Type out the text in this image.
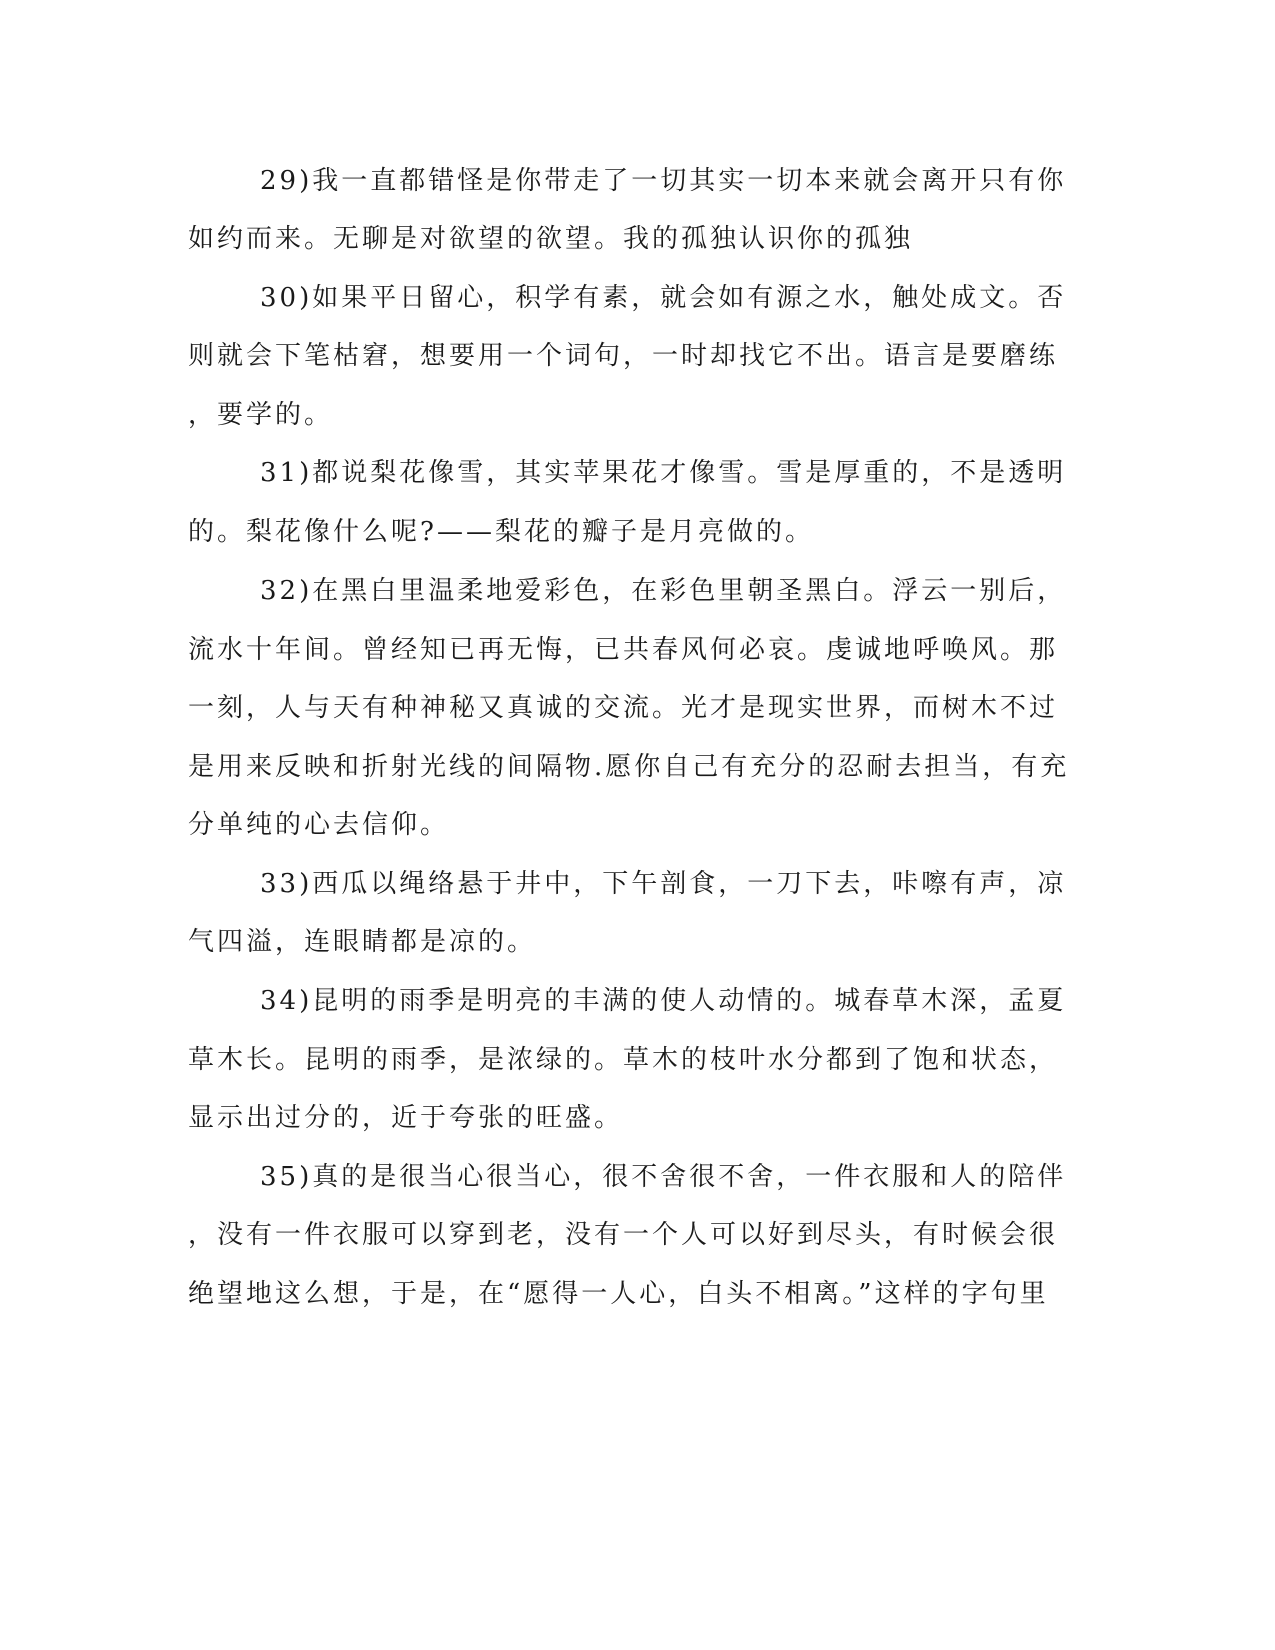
29)我一直都错怪是你带走了一切其实一切本来就会离开只有你
如约而来。无聊是对欲望的欲望。我的孤独认识你的孤独
30)如果平日留心，积学有素，就会如有源之水，触处成文。否
则就会下笔枯窘，想要用一个词句，一时却找它不出。语言是要磨练
，要学的。
31)都说梨花像雪，其实苹果花才像雪。雪是厚重的，不是透明
的。梨花像什么呢?——梨花的瓣子是月亮做的。
32)在黑白里温柔地爱彩色，在彩色里朝圣黑白。浮云一别后，
流水十年间。曾经知已再无悔，已共春风何必哀。虔诚地呼唤风。那
一刻，人与天有种神秘又真诚的交流。光才是现实世界，而树木不过
是用来反映和折射光线的间隔物.愿你自己有充分的忍耐去担当，有充
分单纯的心去信仰。
33)西瓜以绳络悬于井中，下午剖食，一刀下去，咔嚓有声，凉
气四溢，连眼睛都是凉的。
34)昆明的雨季是明亮的丰满的使人动情的。城春草木深，孟夏
草木长。昆明的雨季，是浓绿的。草木的枝叶水分都到了饱和状态，
显示出过分的，近于夸张的旺盛。
35)真的是很当心很当心，很不舍很不舍，一件衣服和人的陪伴
，没有一件衣服可以穿到老，没有一个人可以好到尽头，有时候会很
绝望地这么想，于是，在“愿得一人心，白头不相离。”这样的字句里
